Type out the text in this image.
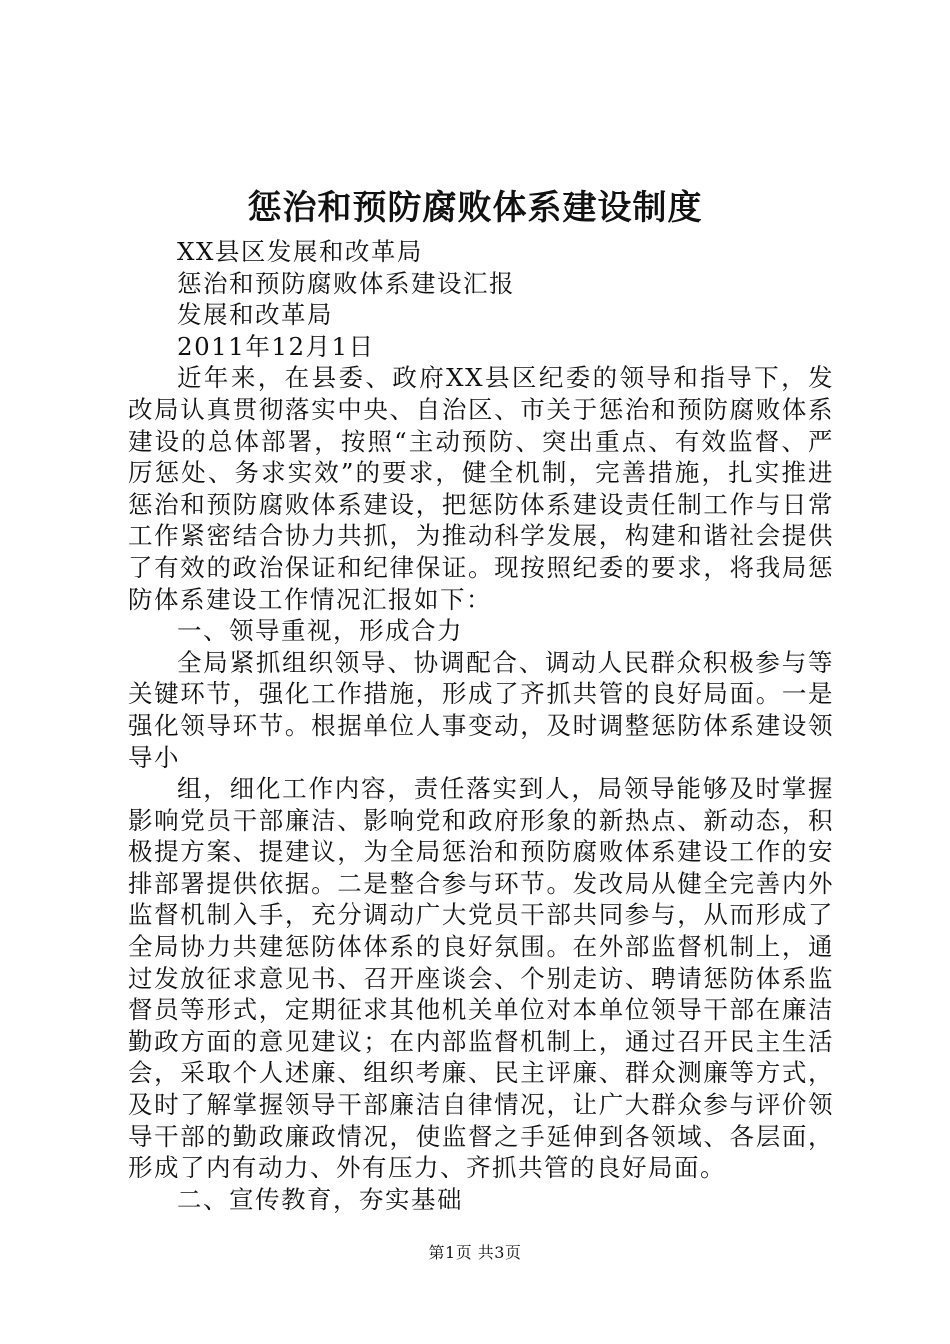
惩治和预防腐败体系建设制度

XX县区发展和改革局

惩治和预防腐败体系建设汇报

发展和改革局

2011年12月1日

近年来，在县委、政府XX县区纪委的领导和指导下，发改局认真贯彻落实中央、自治区、市关于惩治和预防腐败体系建设的总体部署，按照“主动预防、突出重点、有效监督、严厉惩处、务求实效”的要求，健全机制，完善措施，扎实推进惩治和预防腐败体系建设，把惩防体系建设责任制工作与日常工作紧密结合协力共抓，为推动科学发展，构建和谐社会提供了有效的政治保证和纪律保证。现按照纪委的要求，将我局惩防体系建设工作情况汇报如下：

一、领导重视，形成合力

全局紧抓组织领导、协调配合、调动人民群众积极参与等关键环节，强化工作措施，形成了齐抓共管的良好局面。一是强化领导环节。根据单位人事变动，及时调整惩防体系建设领导小

组，细化工作内容，责任落实到人，局领导能够及时掌握影响党员干部廉洁、影响党和政府形象的新热点、新动态，积极提方案、提建议，为全局惩治和预防腐败体系建设工作的安排部署提供依据。二是整合参与环节。发改局从健全完善内外监督机制入手，充分调动广大党员干部共同参与，从而形成了全局协力共建惩防体体系的良好氛围。在外部监督机制上，通过发放征求意见书、召开座谈会、个别走访、聘请惩防体系监督员等形式，定期征求其他机关单位对本单位领导干部在廉洁勤政方面的意见建议；在内部监督机制上，通过召开民主生活会，采取个人述廉、组织考廉、民主评廉、群众测廉等方式，及时了解掌握领导干部廉洁自律情况，让广大群众参与评价领导干部的勤政廉政情况，使监督之手延伸到各领域、各层面，形成了内有动力、外有压力、齐抓共管的良好局面。

二、宣传教育，夯实基础

第1页 共3页
